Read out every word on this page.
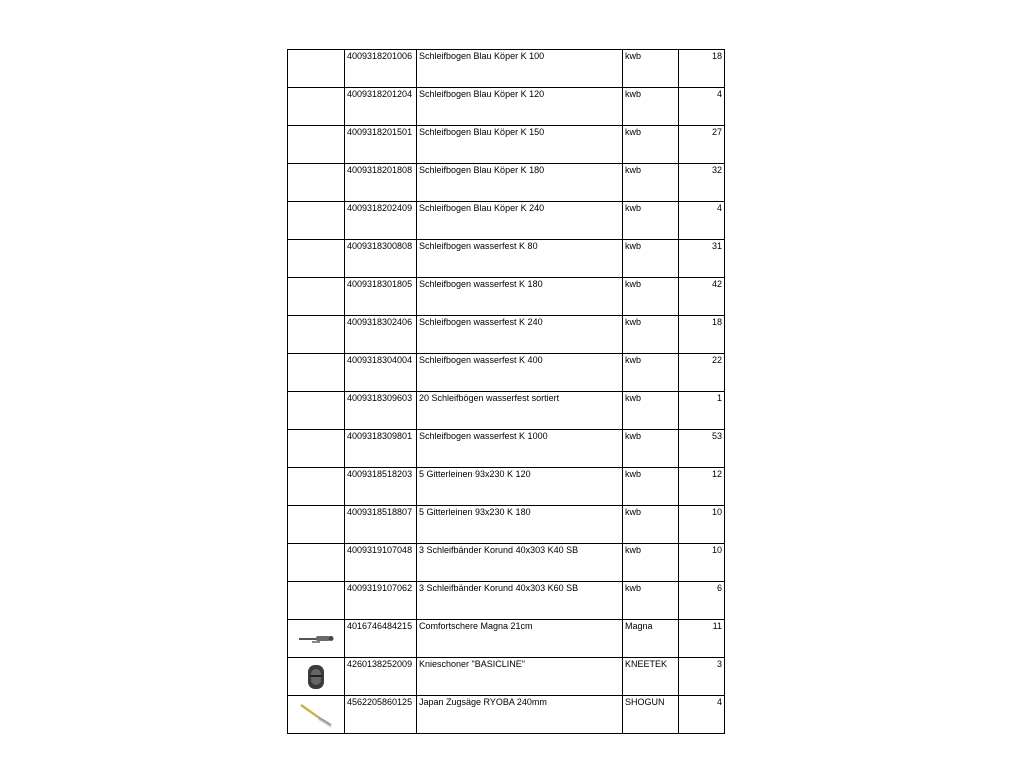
	4009318201006	Schleifbogen Blau Köper K 100	kwb	18
	4009318201204	Schleifbogen Blau Köper K 120	kwb	4
	4009318201501	Schleifbogen Blau Köper K 150	kwb	27
	4009318201808	Schleifbogen Blau Köper K 180	kwb	32
	4009318202409	Schleifbogen Blau Köper K 240	kwb	4
	4009318300808	Schleifbogen wasserfest K 80	kwb	31
	4009318301805	Schleifbogen wasserfest K 180	kwb	42
	4009318302406	Schleifbogen wasserfest K 240	kwb	18
	4009318304004	Schleifbogen wasserfest K 400	kwb	22
	4009318309603	20 Schleifbögen wasserfest sortiert	kwb	1
	4009318309801	Schleifbogen wasserfest K 1000	kwb	53
	4009318518203	5 Gitterleinen 93x230 K 120	kwb	12
	4009318518807	5 Gitterleinen 93x230 K 180	kwb	10
	4009319107048	3 Schleifbänder Korund 40x303 K40 SB	kwb	10
	4009319107062	3 Schleifbänder Korund 40x303 K60 SB	kwb	6

	4016746484215	Comfortschere Magna 21cm	Magna	11

	4260138252009	Knieschoner "BASICLINE"	KNEETEK	3

	4562205860125	Japan Zugsäge RYOBA 240mm	SHOGUN	4
